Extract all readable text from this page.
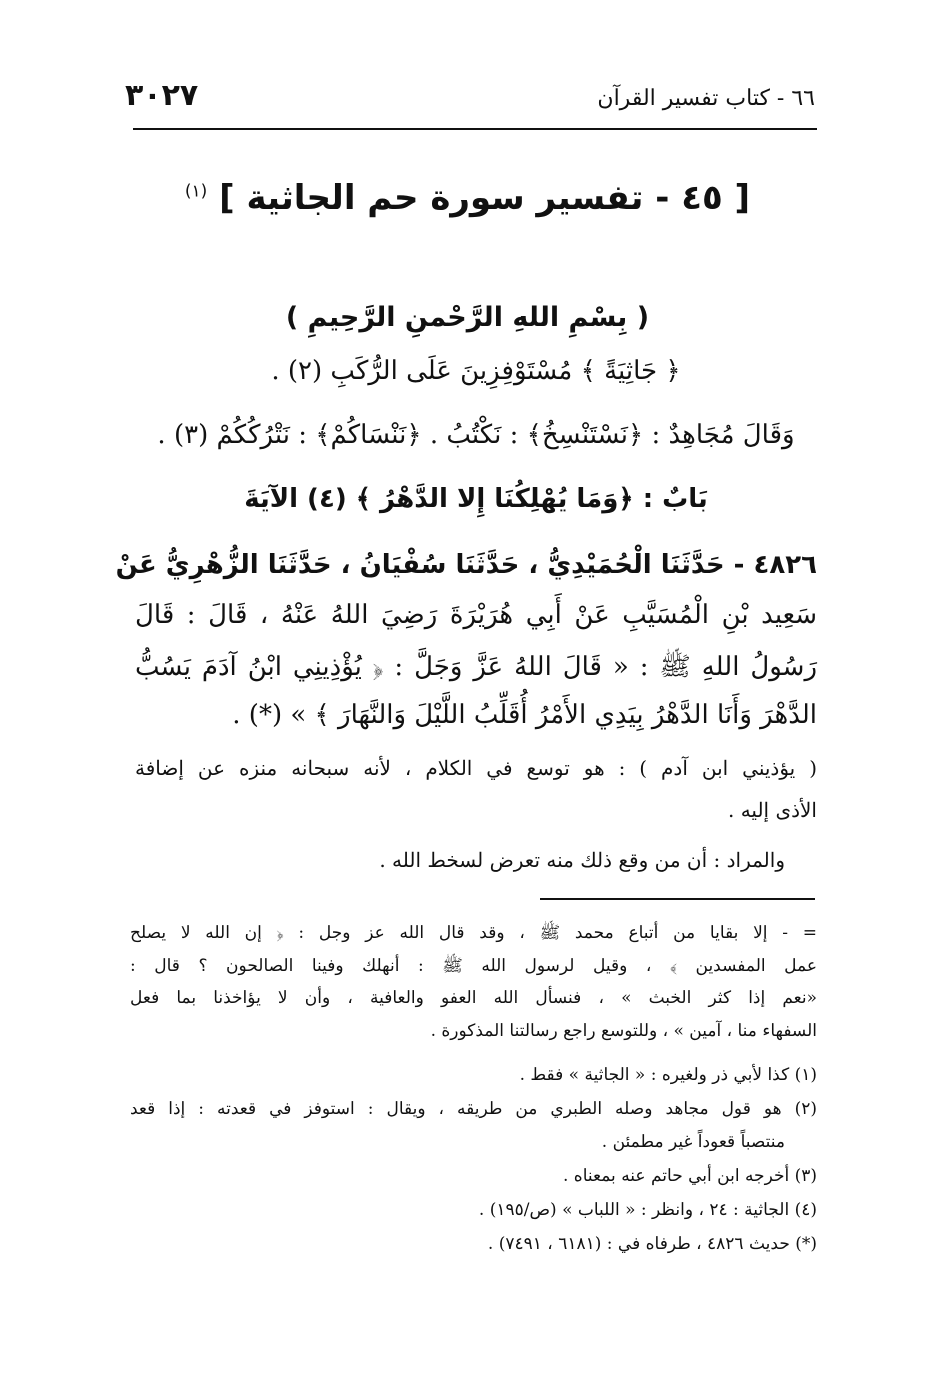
٣٠٢٧	٦٦ - كتاب تفسير القرآن
[ ٤٥ - تفسير سورة حم الجاثية ] $^{(١)}$
( بِسْمِ اللهِ الرَّحْمنِ الرَّحِيمِ )
﴿ جَاثِيَةً ﴾ مُسْتَوْفِزِينَ عَلَى الرُّكَبِ (٢) .
وَقَالَ مُجَاهِدٌ : ﴿نَسْتَنْسِخُ﴾ : نَكْتُبُ . ﴿نَنْسَاكُمْ﴾ : نَتْرُكُكُمْ (٣) .
بَابٌ : ﴿وَمَا يُهْلِكُنَا إِلا الدَّهْرُ ﴾ (٤) الآيَةَ
٤٨٢٦ - حَدَّثَنَا الْحُمَيْدِيُّ ، حَدَّثَنَا سُفْيَانُ ، حَدَّثَنَا الزُّهْرِيُّ عَنْ
سَعِيد بْنِ الْمُسَيَّبِ عَنْ أَبِي هُرَيْرَةَ رَضِيَ اللهُ عَنْهُ ، قَالَ : قَالَ
رَسُولُ اللهِ ﷺ : « قَالَ اللهُ عَزَّ وَجَلَّ : ﴿ يُؤْذِينِي ابْنُ آدَمَ يَسُبُّ
الدَّهْرَ وَأَنَا الدَّهْرُ بِيَدِي الأَمْرُ أُقَلِّبُ اللَّيْلَ وَالنَّهَارَ ﴾ » (*) .
( يؤذيني ابن آدم ) : هو توسع في الكلام ، لأنه سبحانه منزه عن إضافة
الأذى إليه .
والمراد : أن من وقع ذلك منه تعرض لسخط الله .
= - إلا بقايا من أتباع محمد ﷺ ، وقد قال الله عز وجل : ﴿ إن الله لا يصلح
عمل المفسدين ﴾ ، وقيل لرسول الله ﷺ : أنهلك وفينا الصالحون ؟ قال :
«نعم إذا كثر الخبث » ، فنسأل الله العفو والعافية ، وأن لا يؤاخذنا بما فعل
السفهاء منا ، آمين » ، وللتوسع راجع رسالتنا المذكورة .
(١) كذا لأبي ذر ولغيره : « الجاثية » فقط .
(٢) هو قول مجاهد وصله الطبري من طريقه ، ويقال : استوفز في قعدته : إذا قعد
منتصباً قعوداً غير مطمئن .
(٣) أخرجه ابن أبي حاتم عنه بمعناه .
(٤) الجاثية : ٢٤ ، وانظر : « اللباب » (ص/١٩٥) .
(*) حديث ٤٨٢٦ ، طرفاه في : (٦١٨١ ، ٧٤٩١) .
